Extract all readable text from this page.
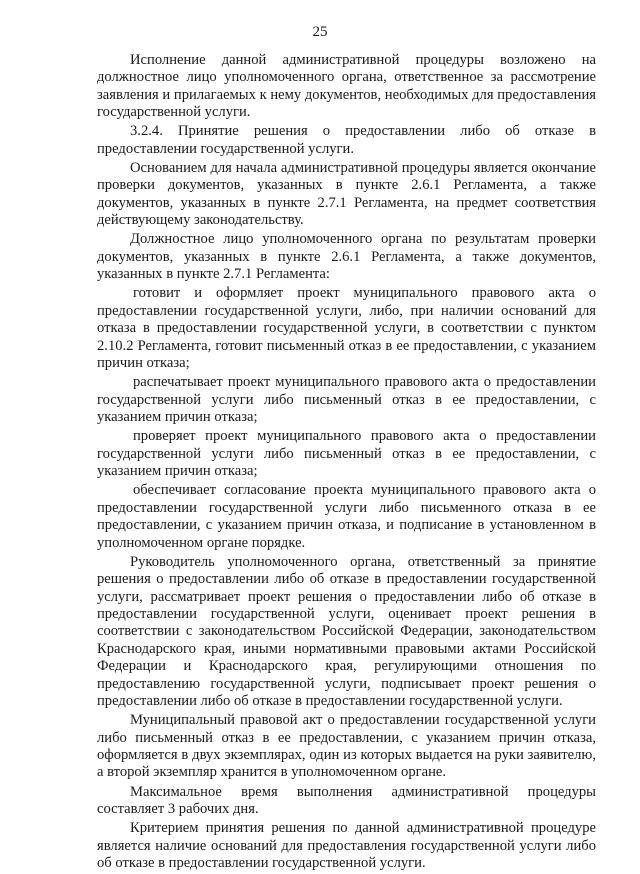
25

Исполнение данной административной процедуры возложено на должностное лицо уполномоченного органа, ответственное за рассмотрение заявления и прилагаемых к нему документов, необходимых для предоставления государственной услуги.

3.2.4. Принятие решения о предоставлении либо об отказе в предоставлении государственной услуги.

Основанием для начала административной процедуры является окончание проверки документов, указанных в пункте 2.6.1 Регламента, а также документов, указанных в пункте 2.7.1 Регламента, на предмет соответствия действующему законодательству.

Должностное лицо уполномоченного органа по результатам проверки документов, указанных в пункте 2.6.1 Регламента, а также документов, указанных в пункте 2.7.1 Регламента:

готовит и оформляет проект муниципального правового акта о предоставлении государственной услуги, либо, при наличии оснований для отказа в предоставлении государственной услуги, в соответствии с пунктом 2.10.2 Регламента, готовит письменный отказ в ее предоставлении, с указанием причин отказа;

распечатывает проект муниципального правового акта о предоставлении государственной услуги либо письменный отказ в ее предоставлении, с указанием причин отказа;

проверяет проект муниципального правового акта о предоставлении государственной услуги либо письменный отказ в ее предоставлении, с указанием причин отказа;

обеспечивает согласование проекта муниципального правового акта о предоставлении государственной услуги либо письменного отказа в ее предоставлении, с указанием причин отказа, и подписание в установленном в уполномоченном органе порядке.

Руководитель уполномоченного органа, ответственный за принятие решения о предоставлении либо об отказе в предоставлении государственной услуги, рассматривает проект решения о предоставлении либо об отказе в предоставлении государственной услуги, оценивает проект решения в соответствии с законодательством Российской Федерации, законодательством Краснодарского края, иными нормативными правовыми актами Российской Федерации и Краснодарского края, регулирующими отношения по предоставлению государственной услуги, подписывает проект решения о предоставлении либо об отказе в предоставлении государственной услуги.

Муниципальный правовой акт о предоставлении государственной услуги либо письменный отказ в ее предоставлении, с указанием причин отказа, оформляется в двух экземплярах, один из которых выдается на руки заявителю, а второй экземпляр хранится в уполномоченном органе.

Максимальное время выполнения административной процедуры составляет 3 рабочих дня.

Критерием принятия решения по данной административной процедуре является наличие оснований для предоставления государственной услуги либо об отказе в предоставлении государственной услуги.
